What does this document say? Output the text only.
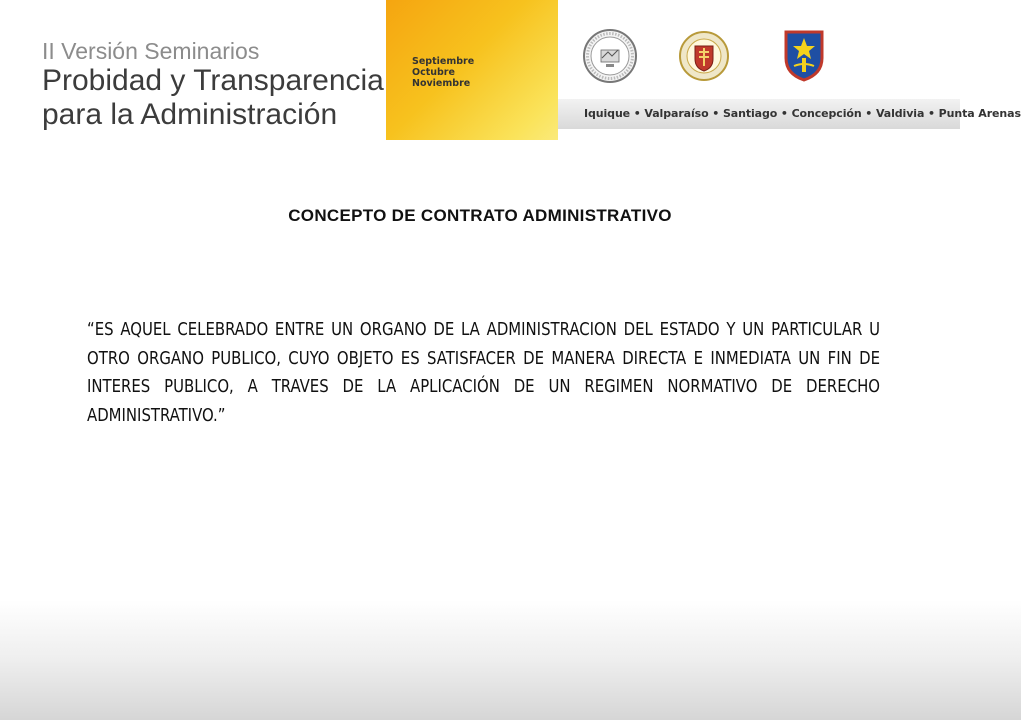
II Versión Seminarios
Probidad y Transparencia
para la Administración
Septiembre
Octubre
Noviembre
Iquique • Valparaíso • Santiago • Concepción • Valdivia • Punta Arenas
CONCEPTO DE CONTRATO ADMINISTRATIVO
“ES AQUEL CELEBRADO ENTRE UN ORGANO DE LA ADMINISTRACION DEL ESTADO Y UN PARTICULAR U OTRO ORGANO PUBLICO, CUYO OBJETO ES SATISFACER DE MANERA DIRECTA E INMEDIATA UN FIN DE INTERES PUBLICO, A TRAVES DE LA APLICACIÓN DE UN REGIMEN NORMATIVO DE DERECHO ADMINISTRATIVO.”
